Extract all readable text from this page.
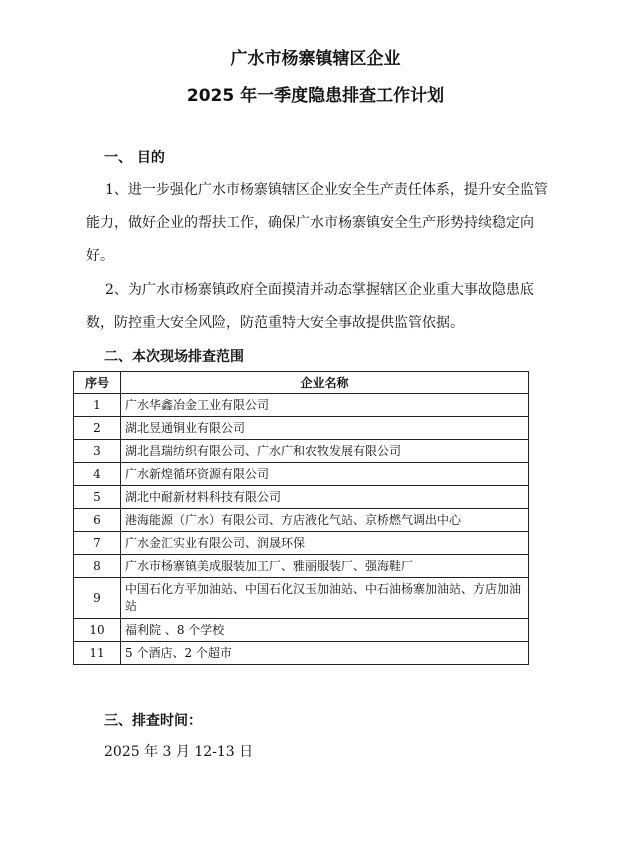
广水市杨寨镇辖区企业
2025 年一季度隐患排查工作计划
一、 目的
1、进一步强化广水市杨寨镇辖区企业安全生产责任体系，提升安全监管能力，做好企业的帮扶工作，确保广水市杨寨镇安全生产形势持续稳定向好。
2、为广水市杨寨镇政府全面摸清并动态掌握辖区企业重大事故隐患底数，防控重大安全风险，防范重特大安全事故提供监管依据。
二、本次现场排查范围
序号	企业名称
1	广水华鑫冶金工业有限公司
2	湖北昱通铜业有限公司
3	湖北昌瑞纺织有限公司、广水广和农牧发展有限公司
4	广水新煌循环资源有限公司
5	湖北中耐新材料科技有限公司
6	港海能源（广水）有限公司、方店液化气站、京桥燃气调出中心
7	广水金汇实业有限公司、润晟环保
8	广水市杨寨镇美成服装加工厂、雅丽服装厂、强海鞋厂
9	中国石化方平加油站、中国石化汉玉加油站、中石油杨寨加油站、方店加油站
10	福利院 、8 个学校
11	5 个酒店、2 个超市
三、排查时间：
2025 年 3 月 12-13 日
